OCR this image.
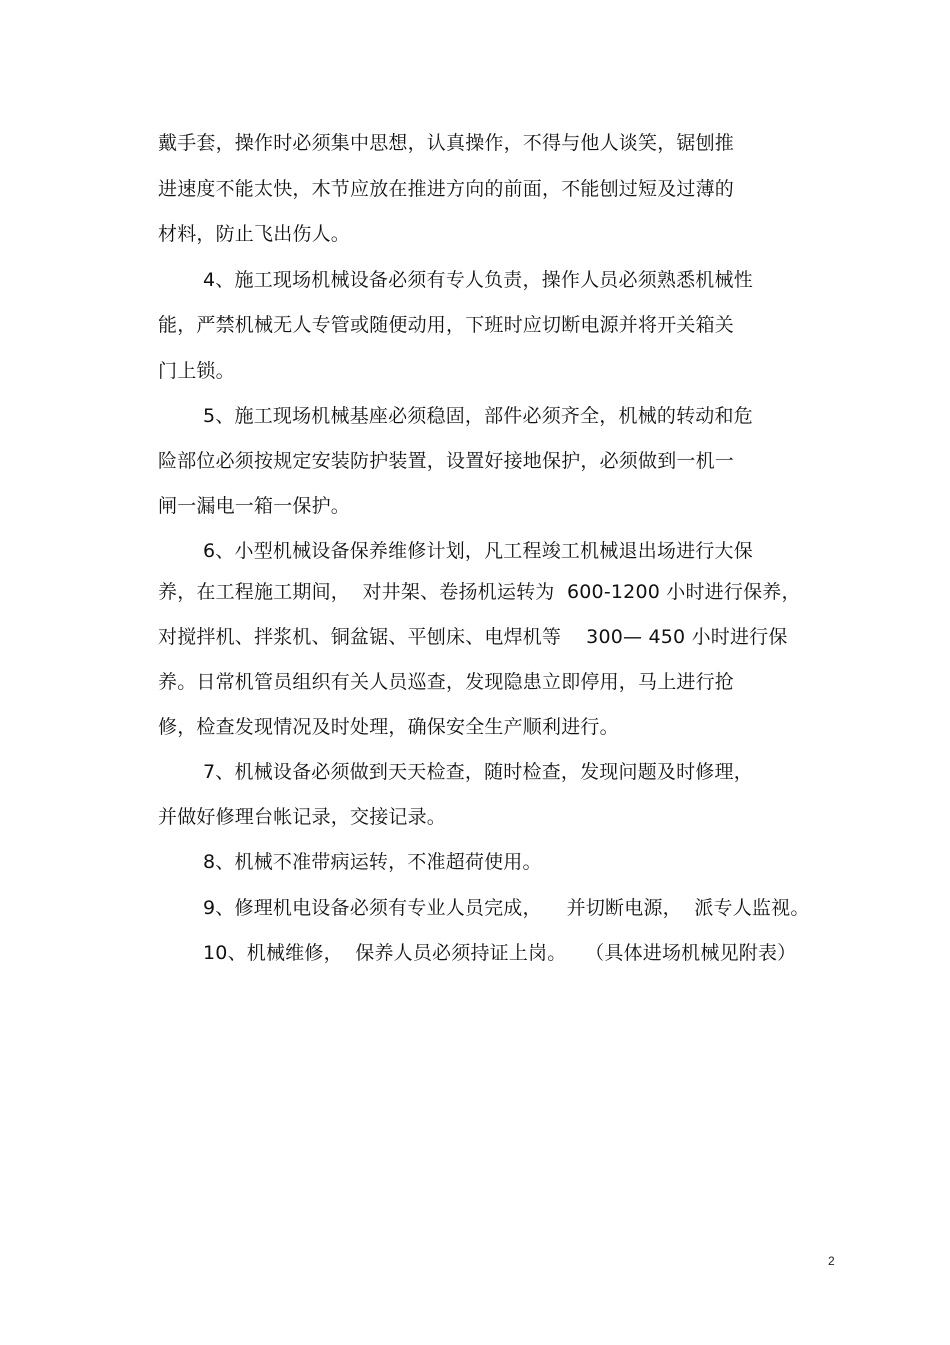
戴手套，操作时必须集中思想，认真操作，不得与他人谈笑，锯刨推
进速度不能太快，木节应放在推进方向的前面，不能刨过短及过薄的
材料，防止飞出伤人。
4、施工现场机械设备必须有专人负责，操作人员必须熟悉机械性
能，严禁机械无人专管或随便动用，下班时应切断电源并将开关箱关
门上锁。
5、施工现场机械基座必须稳固，部件必须齐全，机械的转动和危
险部位必须按规定安装防护装置，设置好接地保护，必须做到一机一
闸一漏电一箱一保护。
6、小型机械设备保养维修计划，凡工程竣工机械退出场进行大保
养，在工程施工期间，  对井架、卷扬机运转为  600-1200 小时进行保养，
对搅拌机、拌浆机、铜盆锯、平刨床、电焊机等    300— 450 小时进行保
养。日常机管员组织有关人员巡查，发现隐患立即停用，马上进行抢
修，检查发现情况及时处理，确保安全生产顺利进行。
7、机械设备必须做到天天检查，随时检查，发现问题及时修理，
并做好修理台帐记录，交接记录。
8、机械不准带病运转，不准超荷使用。
9、修理机电设备必须有专业人员完成，    并切断电源，  派专人监视。
10、机械维修，  保养人员必须持证上岗。   （具体进场机械见附表）
2
